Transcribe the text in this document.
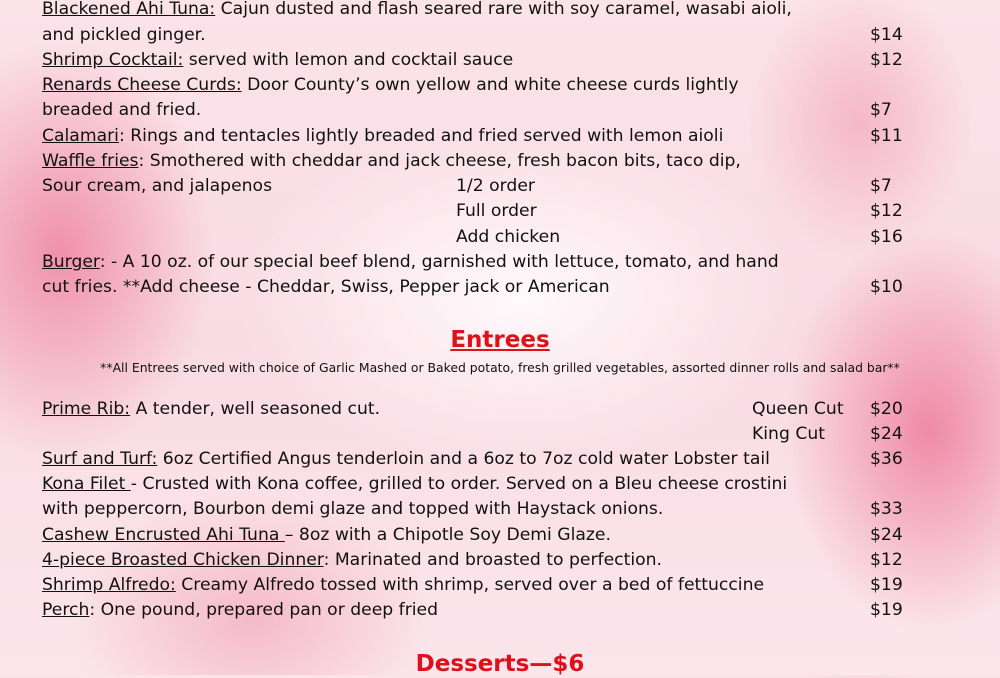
Blackened Ahi Tuna: Cajun dusted and flash seared rare with soy caramel, wasabi aioli,
and pickled ginger.	$14
Shrimp Cocktail: served with lemon and cocktail sauce	$12
Renards Cheese Curds: Door County’s own yellow and white cheese curds lightly
breaded and fried.	$7
Calamari: Rings and tentacles lightly breaded and fried served with lemon aioli	$11
Waffle fries: Smothered with cheddar and jack cheese, fresh bacon bits, taco dip,
Sour cream, and jalapenos	1/2 order	$7
Full order	$12
Add chicken	$16
Burger: - A 10 oz. of our special beef blend, garnished with lettuce, tomato, and hand
cut fries. **Add cheese - Cheddar, Swiss, Pepper jack or American	$10
Entrees
**All Entrees served with choice of Garlic Mashed or Baked potato, fresh grilled vegetables, assorted dinner rolls and salad bar**
Prime Rib: A tender, well seasoned cut.	Queen Cut $20
King Cut	$24
Surf and Turf: 6oz Certified Angus tenderloin and a 6oz to 7oz cold water Lobster tail	$36
Kona Filet - Crusted with Kona coffee, grilled to order. Served on a Bleu cheese crostini
with peppercorn, Bourbon demi glaze and topped with Haystack onions.	$33
Cashew Encrusted Ahi Tuna – 8oz with a Chipotle Soy Demi Glaze.	$24
4-piece Broasted Chicken Dinner: Marinated and broasted to perfection.	$12
Shrimp Alfredo: Creamy Alfredo tossed with shrimp, served over a bed of fettuccine	$19
Perch: One pound, prepared pan or deep fried	$19
Desserts—$6
